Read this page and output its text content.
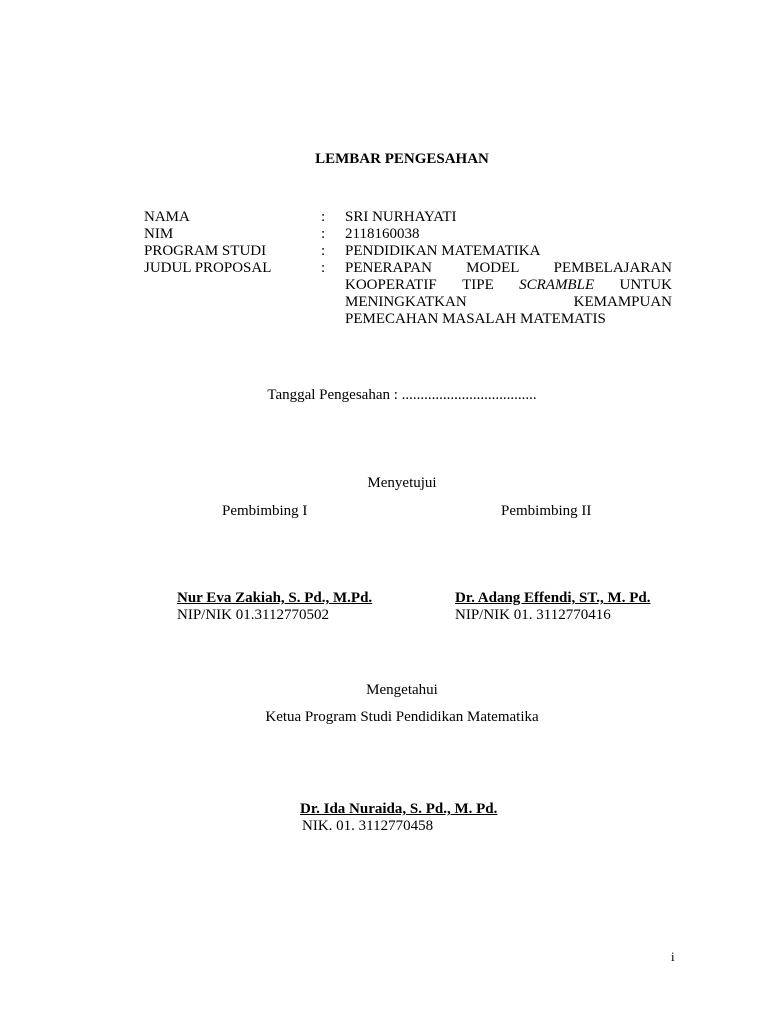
LEMBAR PENGESAHAN
NAMA	: SRI NURHAYATI
NIM	: 2118160038
PROGRAM STUDI	: PENDIDIKAN MATEMATIKA
JUDUL PROPOSAL	: PENERAPAN MODEL PEMBELAJARAN
KOOPERATIF TIPE SCRAMBLE UNTUK
MENINGKATKAN	KEMAMPUAN
PEMECAHAN MASALAH MATEMATIS
Tanggal Pengesahan : ....................................
Menyetujui
Pembimbing I	Pembimbing II
Nur Eva Zakiah, S. Pd., M.Pd.
NIP/NIK 01.3112770502
Dr. Adang Effendi, ST., M. Pd.
NIP/NIK 01. 3112770416
Mengetahui
Ketua Program Studi Pendidikan Matematika
Dr. Ida Nuraida, S. Pd., M. Pd.
NIK. 01. 3112770458
i
